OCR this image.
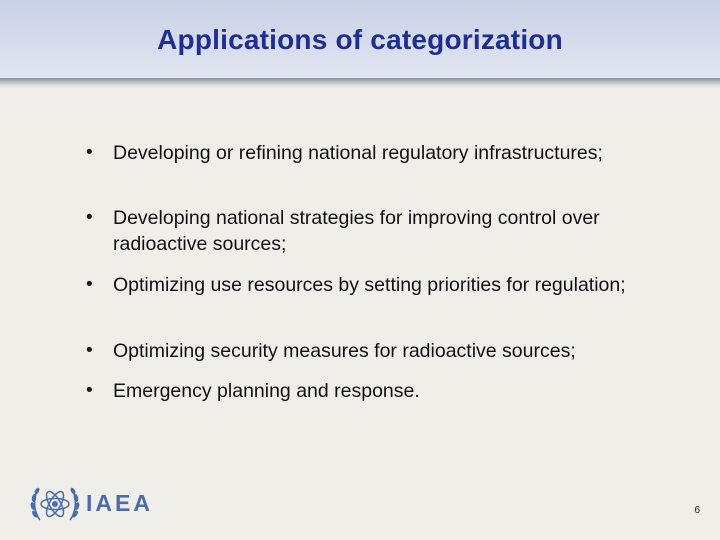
Applications of categorization
• Developing or refining national regulatory infrastructures;
• Developing national strategies for improving control over radioactive sources;
• Optimizing use resources by setting priorities for regulation;
• Optimizing security measures for radioactive sources;
• Emergency planning and response.
IAEA	6
